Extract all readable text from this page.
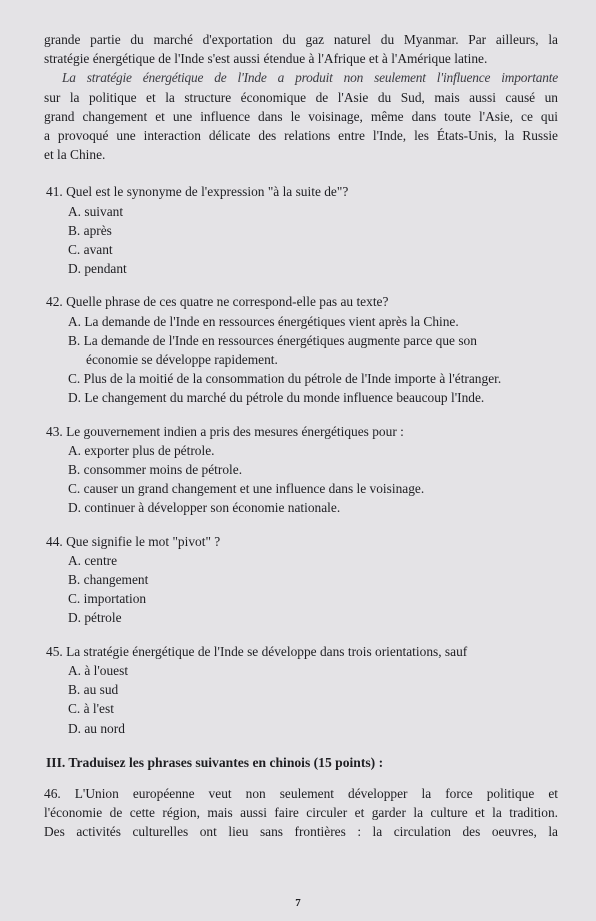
grande partie du marché d'exportation du gaz naturel du Myanmar. Par ailleurs, la
stratégie énergétique de l'Inde s'est aussi étendue à l'Afrique et à l'Amérique latine.
La stratégie énergétique de l'Inde a produit non seulement l'influence importante
sur la politique et la structure économique de l'Asie du Sud, mais aussi causé un
grand changement et une influence dans le voisinage, même dans toute l'Asie, ce qui
a provoqué une interaction délicate des relations entre l'Inde, les États-Unis, la Russie
et la Chine.

41. Quel est le synonyme de l'expression "à la suite de"?

A. suivant
B. après
C. avant
D. pendant

42. Quelle phrase de ces quatre ne correspond-elle pas au texte?

A. La demande de l'Inde en ressources énergétiques vient après la Chine.
B. La demande de l'Inde en ressources énergétiques augmente parce que son
économie se développe rapidement.
C. Plus de la moitié de la consommation du pétrole de l'Inde importe à l'étranger.
D. Le changement du marché du pétrole du monde influence beaucoup l'Inde.

43. Le gouvernement indien a pris des mesures énergétiques pour :

A. exporter plus de pétrole.
B. consommer moins de pétrole.
C. causer un grand changement et une influence dans le voisinage.
D. continuer à développer son économie nationale.

44. Que signifie le mot "pivot" ?

A. centre
B. changement
C. importation
D. pétrole

45. La stratégie énergétique de l'Inde se développe dans trois orientations, sauf

A. à l'ouest
B. au sud
C. à l'est
D. au nord

III. Traduisez les phrases suivantes en chinois (15 points) :

46. L'Union européenne veut non seulement développer la force politique et
l'économie de cette région, mais aussi faire circuler et garder la culture et la tradition.
Des activités culturelles ont lieu sans frontières : la circulation des oeuvres, la

7
